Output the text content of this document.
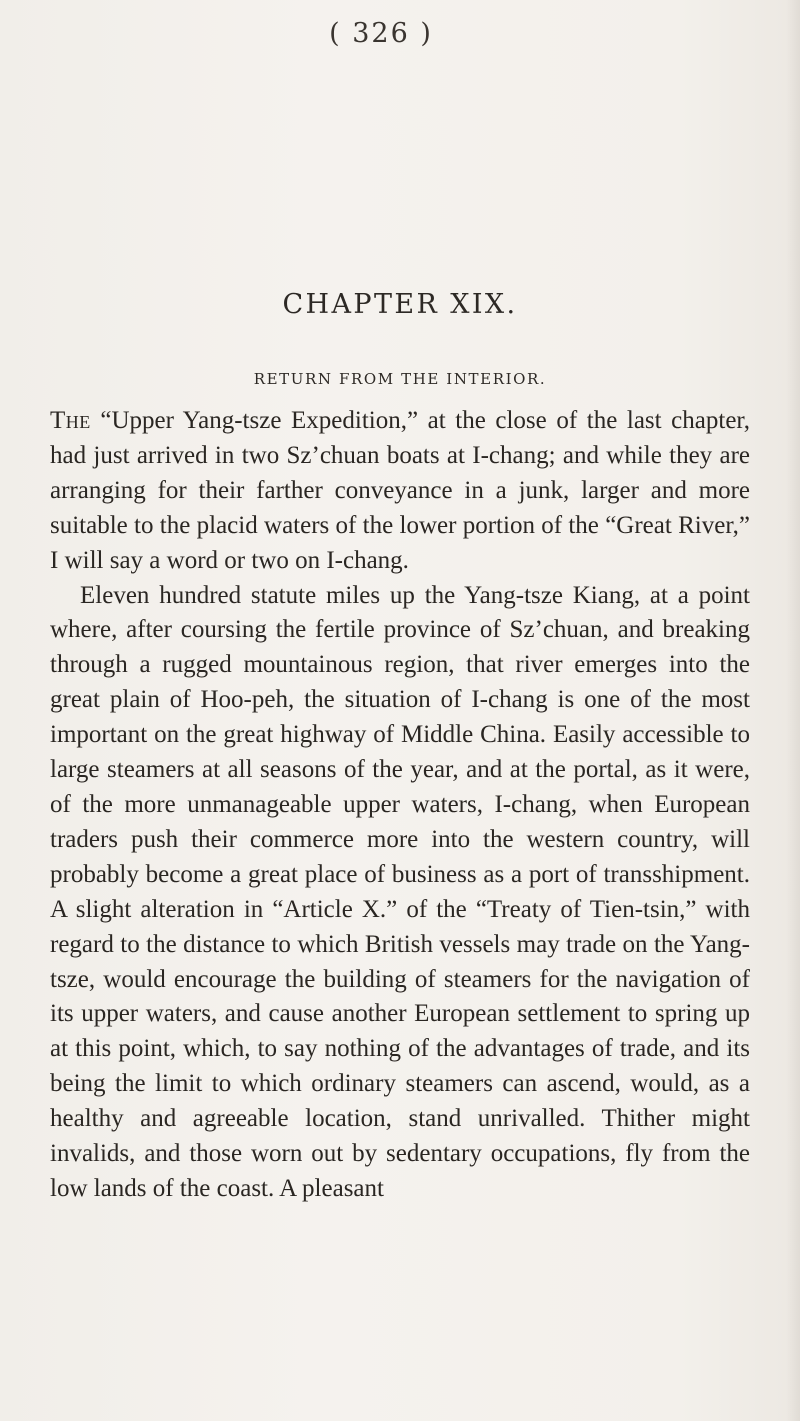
( 326 )
CHAPTER XIX.
RETURN FROM THE INTERIOR.

The “Upper Yang-tsze Expedition,” at the close of the last chapter, had just arrived in two Sz’chuan boats at I-chang; and while they are arranging for their farther conveyance in a junk, larger and more suitable to the placid waters of the lower portion of the “Great River,” I will say a word or two on I-chang.

Eleven hundred statute miles up the Yang-tsze Kiang, at a point where, after coursing the fertile province of Sz’chuan, and breaking through a rugged mountainous region, that river emerges into the great plain of Hoo-peh, the situation of I-chang is one of the most important on the great highway of Middle China. Easily accessible to large steamers at all seasons of the year, and at the portal, as it were, of the more unmanageable upper waters, I-chang, when European traders push their commerce more into the western country, will probably become a great place of business as a port of transshipment. A slight alteration in “Article X.” of the “Treaty of Tien-tsin,” with regard to the distance to which British vessels may trade on the Yang-tsze, would encourage the building of steamers for the navigation of its upper waters, and cause another European settlement to spring up at this point, which, to say nothing of the advantages of trade, and its being the limit to which ordinary steamers can ascend, would, as a healthy and agreeable location, stand unrivalled. Thither might invalids, and those worn out by sedentary occupations, fly from the low lands of the coast. A pleasant
